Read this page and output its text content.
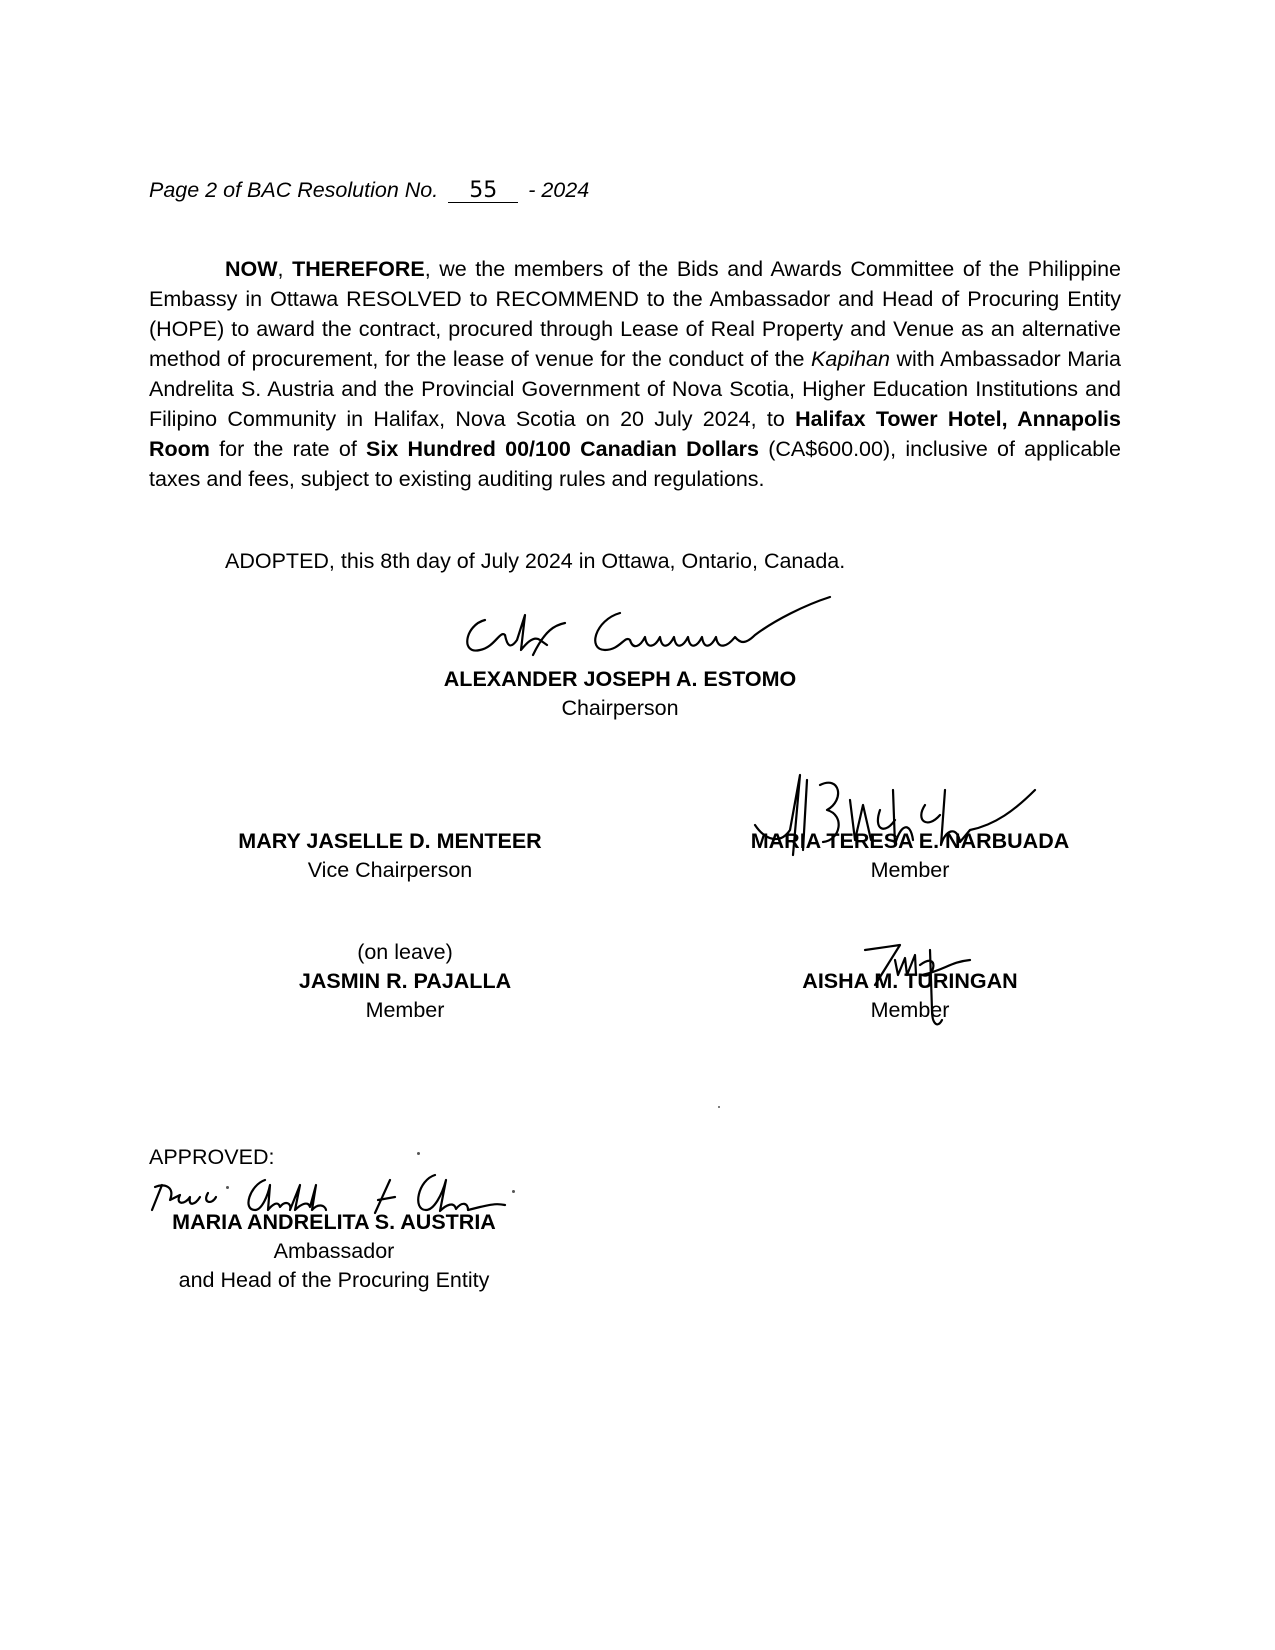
Page 2 of BAC Resolution No. 55 - 2024
NOW, THEREFORE, we the members of the Bids and Awards Committee of the Philippine Embassy in Ottawa RESOLVED to RECOMMEND to the Ambassador and Head of Procuring Entity (HOPE) to award the contract, procured through Lease of Real Property and Venue as an alternative method of procurement, for the lease of venue for the conduct of the Kapihan with Ambassador Maria Andrelita S. Austria and the Provincial Government of Nova Scotia, Higher Education Institutions and Filipino Community in Halifax, Nova Scotia on 20 July 2024, to Halifax Tower Hotel, Annapolis Room for the rate of Six Hundred 00/100 Canadian Dollars (CA$600.00), inclusive of applicable taxes and fees, subject to existing auditing rules and regulations.
ADOPTED, this 8th day of July 2024 in Ottawa, Ontario, Canada.
ALEXANDER JOSEPH A. ESTOMO
Chairperson
MARY JASELLE D. MENTEER
Vice Chairperson
MARIA TERESA E. NARBUADA
Member
(on leave)
JASMIN R. PAJALLA
Member
AISHA M. TURINGAN
Member
APPROVED:
MARIA ANDRELITA S. AUSTRIA
Ambassador
and Head of the Procuring Entity
